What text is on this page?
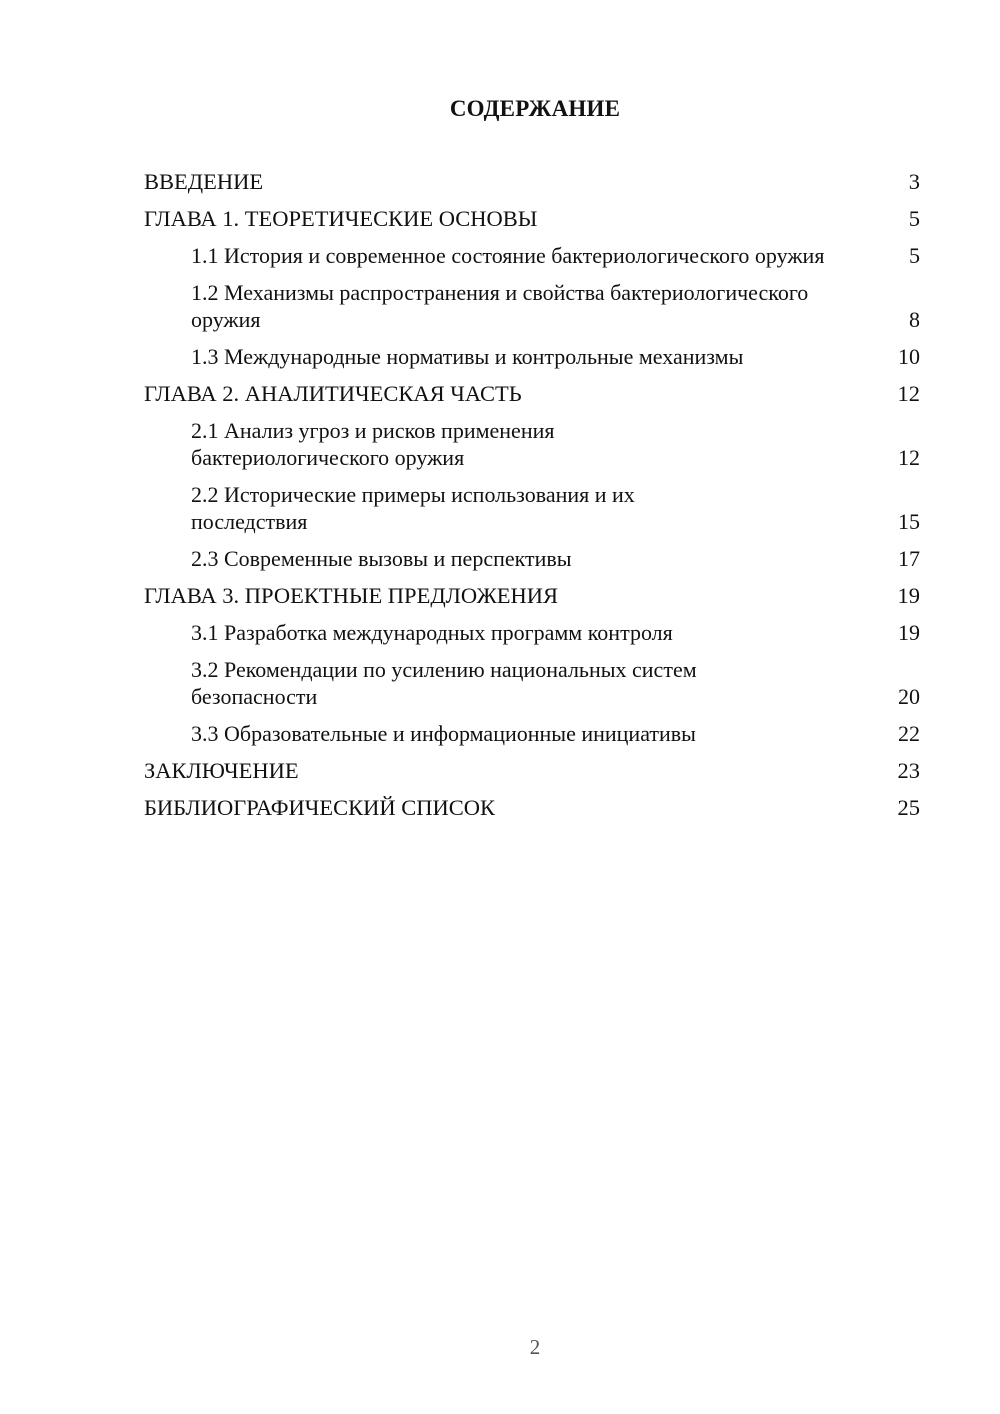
СОДЕРЖАНИЕ
ВВЕДЕНИЕ	3
ГЛАВА 1. ТЕОРЕТИЧЕСКИЕ ОСНОВЫ	5
1.1 История и современное состояние бактериологического оружия	5
1.2 Механизмы распространения и свойства бактериологического оружия	8
1.3 Международные нормативы и контрольные механизмы	10
ГЛАВА 2. АНАЛИТИЧЕСКАЯ ЧАСТЬ	12
2.1 Анализ угроз и рисков применения бактериологического оружия	12
2.2 Исторические примеры использования и их последствия	15
2.3 Современные вызовы и перспективы	17
ГЛАВА 3. ПРОЕКТНЫЕ ПРЕДЛОЖЕНИЯ	19
3.1 Разработка международных программ контроля	19
3.2 Рекомендации по усилению национальных систем безопасности	20
3.3 Образовательные и информационные инициативы	22
ЗАКЛЮЧЕНИЕ	23
БИБЛИОГРАФИЧЕСКИЙ СПИСОК	25
2
